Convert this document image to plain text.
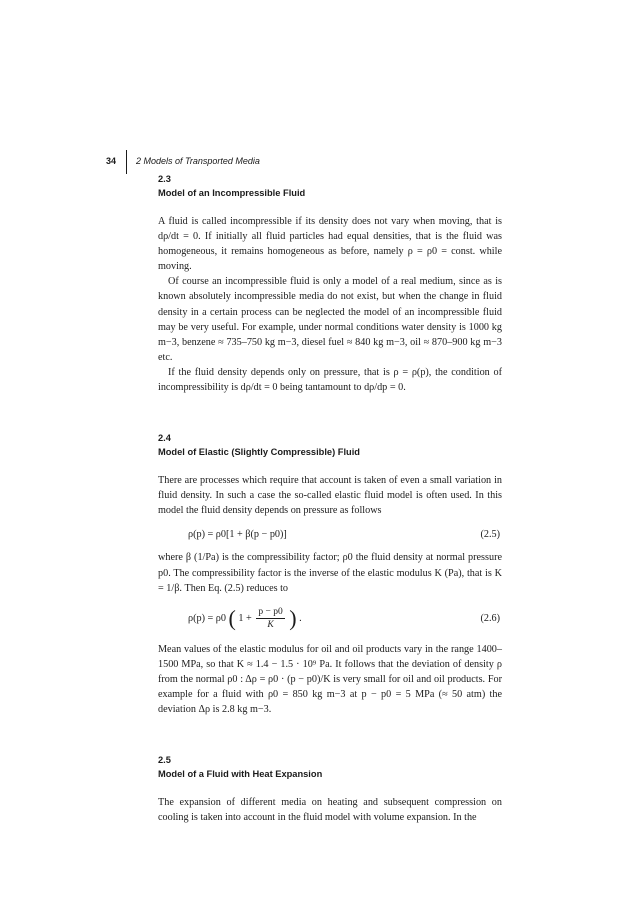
34 2 Models of Transported Media
2.3
Model of an Incompressible Fluid

A fluid is called incompressible if its density does not vary when moving, that is dρ/dt = 0. If initially all fluid particles had equal densities, that is the fluid was homogeneous, it remains homogeneous as before, namely ρ = ρ0 = const. while moving.

Of course an incompressible fluid is only a model of a real medium, since as is known absolutely incompressible media do not exist, but when the change in fluid density in a certain process can be neglected the model of an incompressible fluid may be very useful. For example, under normal conditions water density is 1000 kg m−3, benzene ≈ 735–750 kg m−3, diesel fuel ≈ 840 kg m−3, oil ≈ 870–900 kg m−3 etc.

If the fluid density depends only on pressure, that is ρ = ρ(p), the condition of incompressibility is dρ/dt = 0 being tantamount to dρ/dp = 0.

2.4
Model of Elastic (Slightly Compressible) Fluid

There are processes which require that account is taken of even a small variation in fluid density. In such a case the so-called elastic fluid model is often used. In this model the fluid density depends on pressure as follows

ρ(p) = ρ0[1 + β(p − p0)]	(2.5)

where β (1/Pa) is the compressibility factor; ρ0 the fluid density at normal pressure p0. The compressibility factor is the inverse of the elastic modulus K (Pa), that is K = 1/β. Then Eq. (2.5) reduces to

ρ(p) = ρ0 ( $1 + \frac{p - p0}{K}$ ) .	(2.6)

Mean values of the elastic modulus for oil and oil products vary in the range 1400–1500 MPa, so that K ≈ 1.4 − 1.5 · 10⁹ Pa. It follows that the deviation of density ρ from the normal ρ0 : Δρ = ρ0 · (p − p0)/K is very small for oil and oil products. For example for a fluid with ρ0 = 850 kg m−3 at p − p0 = 5 MPa (≈ 50 atm) the deviation Δρ is 2.8 kg m−3.

2.5
Model of a Fluid with Heat Expansion

The expansion of different media on heating and subsequent compression on cooling is taken into account in the fluid model with volume expansion. In the
